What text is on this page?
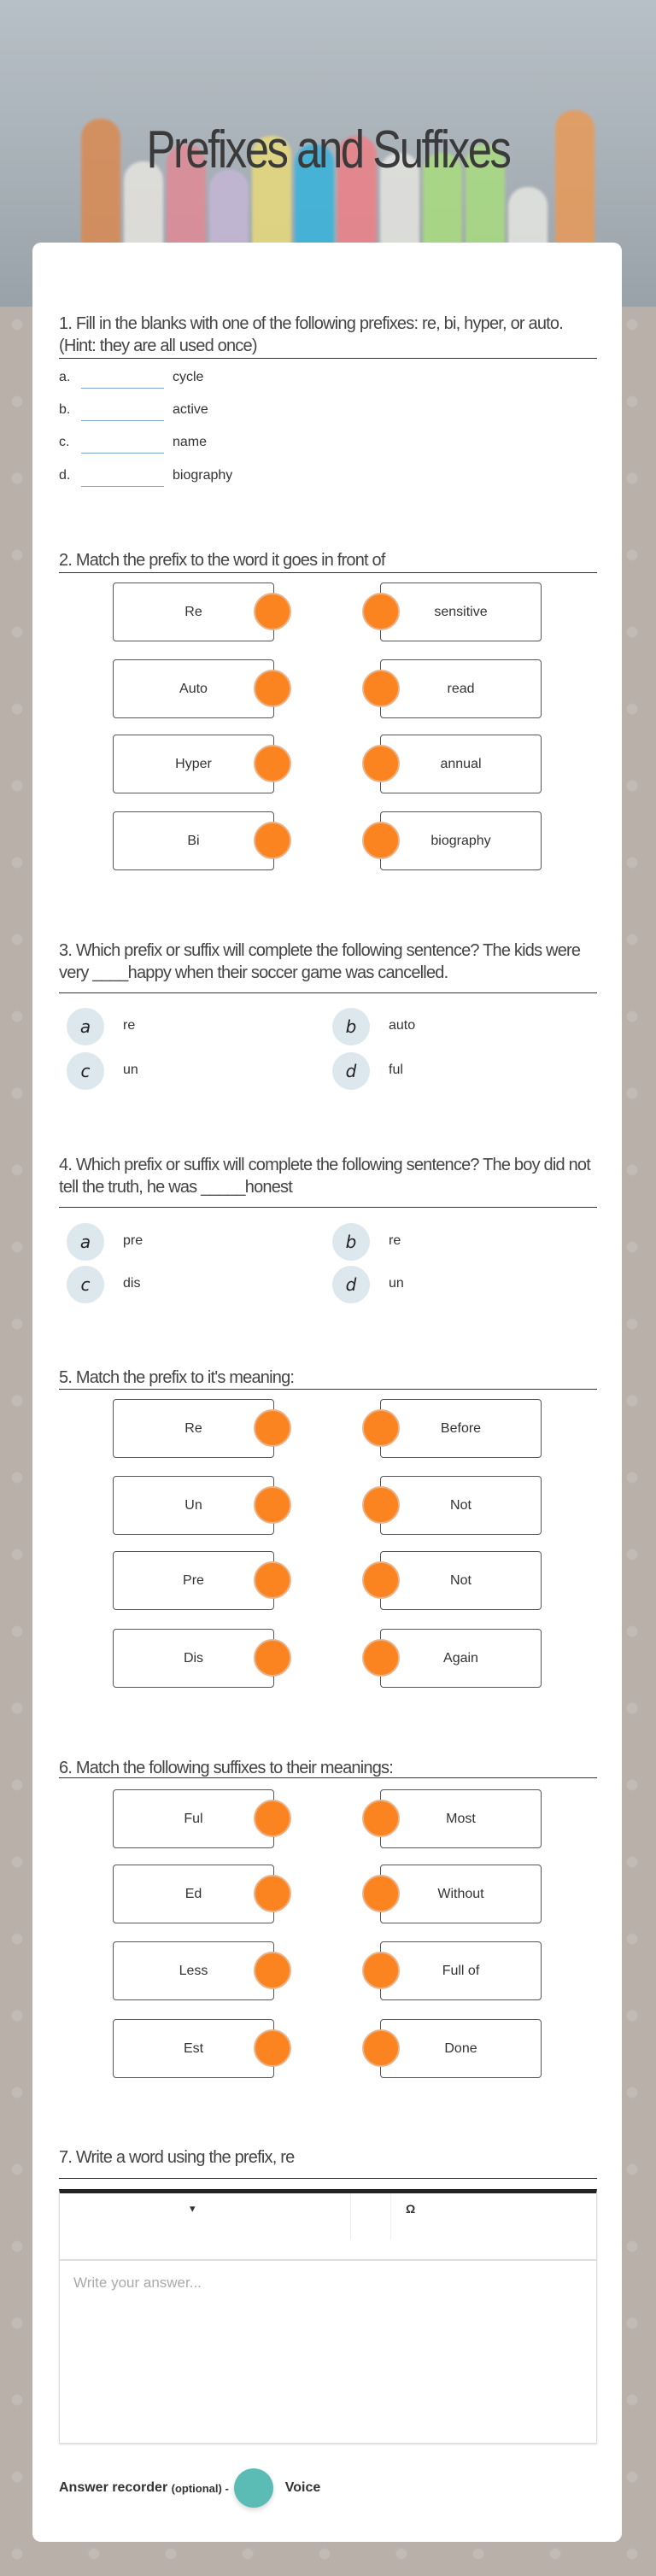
Prefixes and Suffixes
1. Fill in the blanks with one of the following prefixes: re, bi, hyper, or auto.
(Hint: they are all used once)
a.	cycle
b.	active
c.	name
d.	biography
2. Match the prefix to the word it goes in front of
Re	sensitive
Auto	read
Hyper	annual
Bi	biography
3. Which prefix or suffix will complete the following sentence? The kids were
very ____happy when their soccer game was cancelled.
a	re	b	auto
c	un	d	ful
4. Which prefix or suffix will complete the following sentence? The boy did not
tell the truth, he was _____honest
a	pre	b	re
c	dis	d	un
5. Match the prefix to it's meaning:
Re	Before
Un	Not
Pre	Not
Dis	Again
6. Match the following suffixes to their meanings:
Ful	Most
Ed	Without
Less	Full of
Est	Done
7. Write a word using the prefix, re
▾	Ω
Write your answer...
Answer recorder
(optional) -	Voice
